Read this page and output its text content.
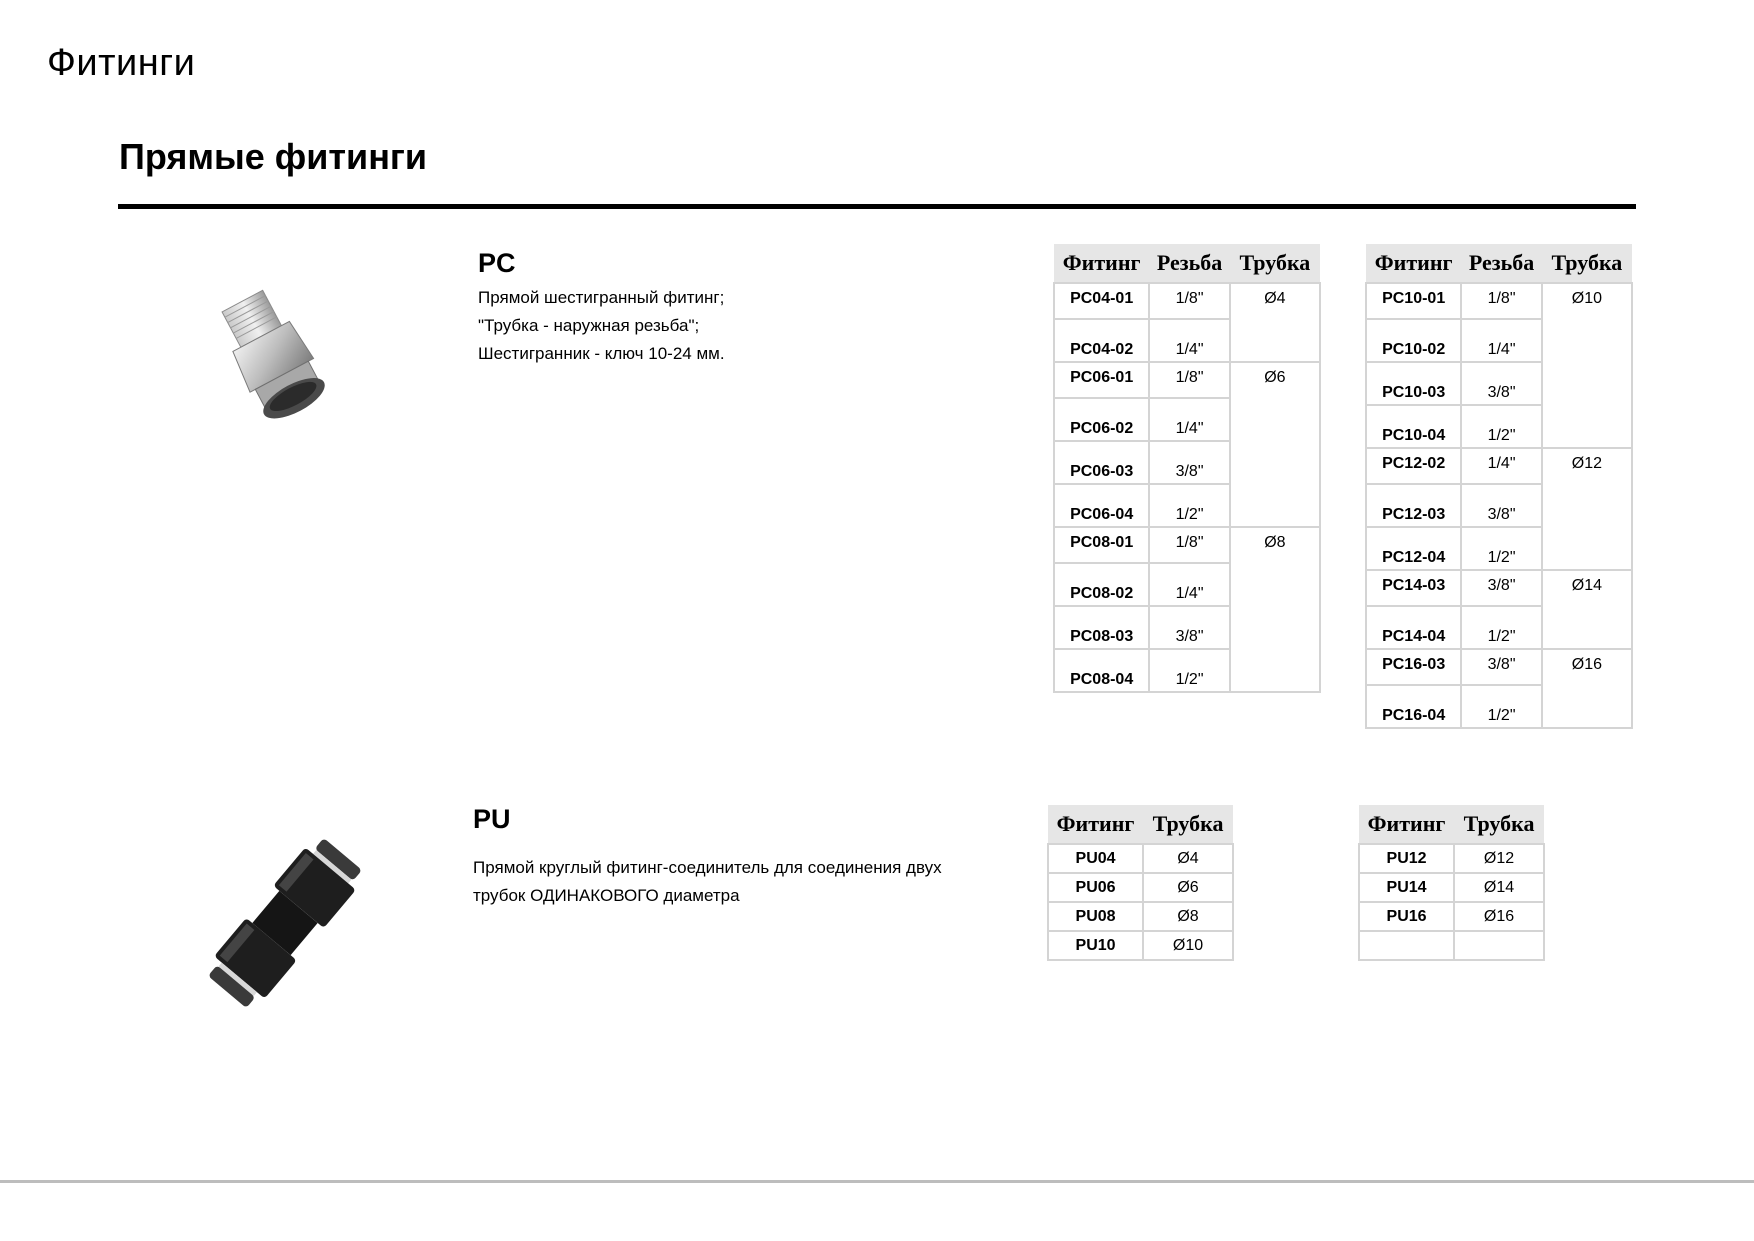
Фитинги
Прямые фитинги
PC

Прямой шестигранный фитинг;

"Трубка - наружная резьба";

Шестигранник - ключ 10-24 мм.

Фитинг	Резьба	Трубка
PC04-01	1/8"	Ø4
PC04-02	1/4"	
PC06-01	1/8"	Ø6
PC06-02	1/4"	
PC06-03	3/8"	
PC06-04	1/2"	
PC08-01	1/8"	Ø8
PC08-02	1/4"	
PC08-03	3/8"	
PC08-04	1/2"	
Фитинг	Резьба	Трубка
PC10-01	1/8"	Ø10
PC10-02	1/4"	
PC10-03	3/8"	
PC10-04	1/2"	
PC12-02	1/4"	Ø12
PC12-03	3/8"	
PC12-04	1/2"	
PC14-03	3/8"	Ø14
PC14-04	1/2"	
PC16-03	3/8"	Ø16
PC16-04	1/2"	
PU

Прямой круглый фитинг-соединитель для соединения двух

трубок ОДИНАКОВОГО диаметра

Фитинг	Трубка
PU04	Ø4
PU06	Ø6
PU08	Ø8
PU10	Ø10
Фитинг	Трубка
PU12	Ø12
PU14	Ø14
PU16	Ø16
